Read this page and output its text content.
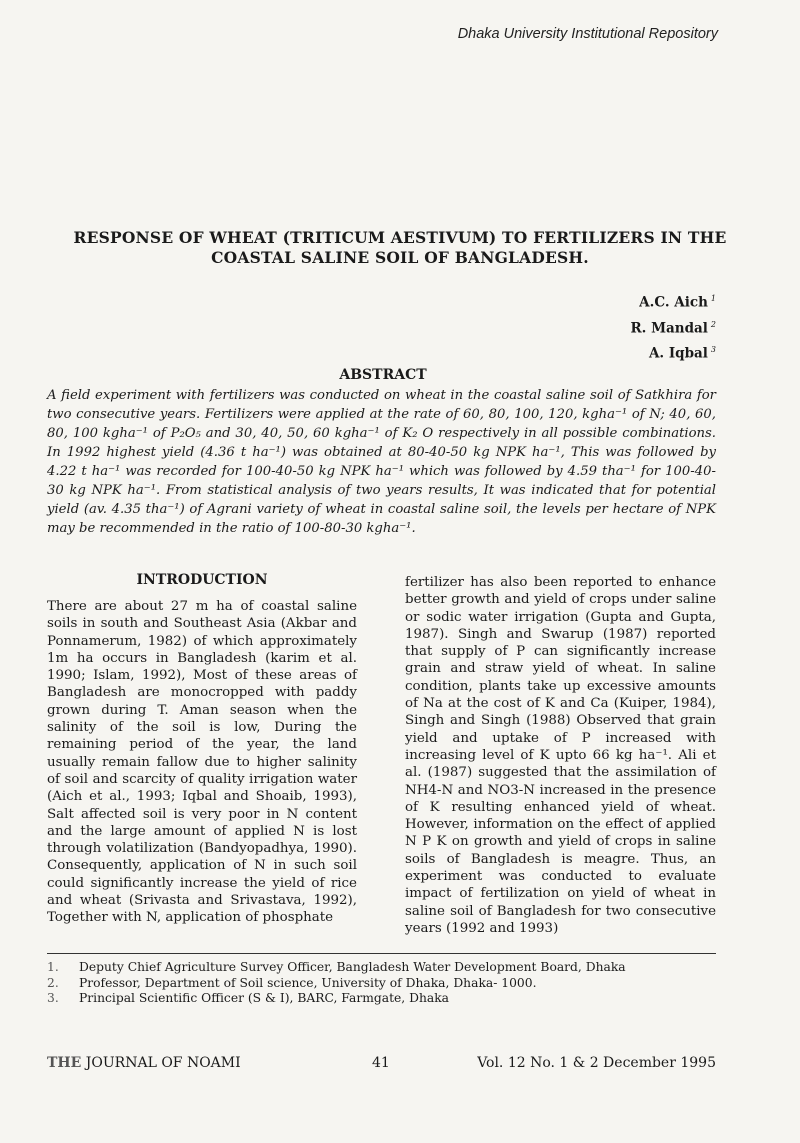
Dhaka University Institutional Repository
RESPONSE OF WHEAT (TRITICUM AESTIVUM) TO FERTILIZERS IN THE
COASTAL SALINE SOIL OF BANGLADESH.
A.C. Aich $^1$
R. Mandal $^2$
A. Iqbal $^3$
ABSTRACT
A field experiment with fertilizers was conducted on wheat in the coastal saline soil of Satkhira for two consecutive years. Fertilizers were applied at the rate of 60, 80, 100, 120, kgha⁻¹ of N; 40, 60, 80, 100 kgha⁻¹ of P₂O₅ and 30, 40, 50, 60 kgha⁻¹ of K₂ O respectively in all possible combinations. In 1992 highest yield (4.36 t ha⁻¹) was obtained at 80-40-50 kg NPK ha⁻¹, This was followed by 4.22 t ha⁻¹ was recorded for 100-40-50 kg NPK ha⁻¹ which was followed by 4.59 tha⁻¹ for 100-40-30 kg NPK ha⁻¹. From statistical analysis of two years results, It was indicated that for potential yield (av. 4.35 tha⁻¹) of Agrani variety of wheat in coastal saline soil, the levels per hectare of NPK may be recommended in the ratio of 100-80-30 kgha⁻¹.
INTRODUCTION
There are about 27 m ha of coastal saline soils in south and Southeast Asia (Akbar and Ponnamerum, 1982) of which approximately 1m ha occurs in Bangladesh (karim et al. 1990; Islam, 1992), Most of these areas of Bangladesh are monocropped with paddy grown during T. Aman season when the salinity of the soil is low, During the remaining period of the year, the land usually remain fallow due to higher salinity of soil and scarcity of quality irrigation water (Aich et al., 1993; Iqbal and Shoaib, 1993), Salt affected soil is very poor in N content and the large amount of applied N is lost through volatilization (Bandyopadhya, 1990). Consequently, application of N in such soil could significantly increase the yield of rice and wheat (Srivasta and Srivastava, 1992), Together with N, application of phosphate
fertilizer has also been reported to enhance better growth and yield of crops under saline or sodic water irrigation (Gupta and Gupta, 1987). Singh and Swarup (1987) reported that supply of P can significantly increase grain and straw yield of wheat. In saline condition, plants take up excessive amounts of Na at the cost of K and Ca (Kuiper, 1984), Singh and Singh (1988) Observed that grain yield and uptake of P increased with increasing level of K upto 66 kg ha⁻¹. Ali et al. (1987) suggested that the assimilation of NH4-N and NO3-N increased in the presence of K resulting enhanced yield of wheat. However, information on the effect of applied N P K on growth and yield of crops in saline soils of Bangladesh is meagre. Thus, an experiment was conducted to evaluate impact of fertilization on yield of wheat in saline soil of Bangladesh for two consecutive years (1992 and 1993)
1.	Deputy Chief Agriculture Survey Officer, Bangladesh Water Development Board, Dhaka
2.	Professor, Department of Soil science, University of Dhaka, Dhaka- 1000.
3.	Principal Scientific Officer (S & I), BARC, Farmgate, Dhaka
THE JOURNAL OF NOAMI	41	Vol. 12 No. 1 & 2 December 1995
